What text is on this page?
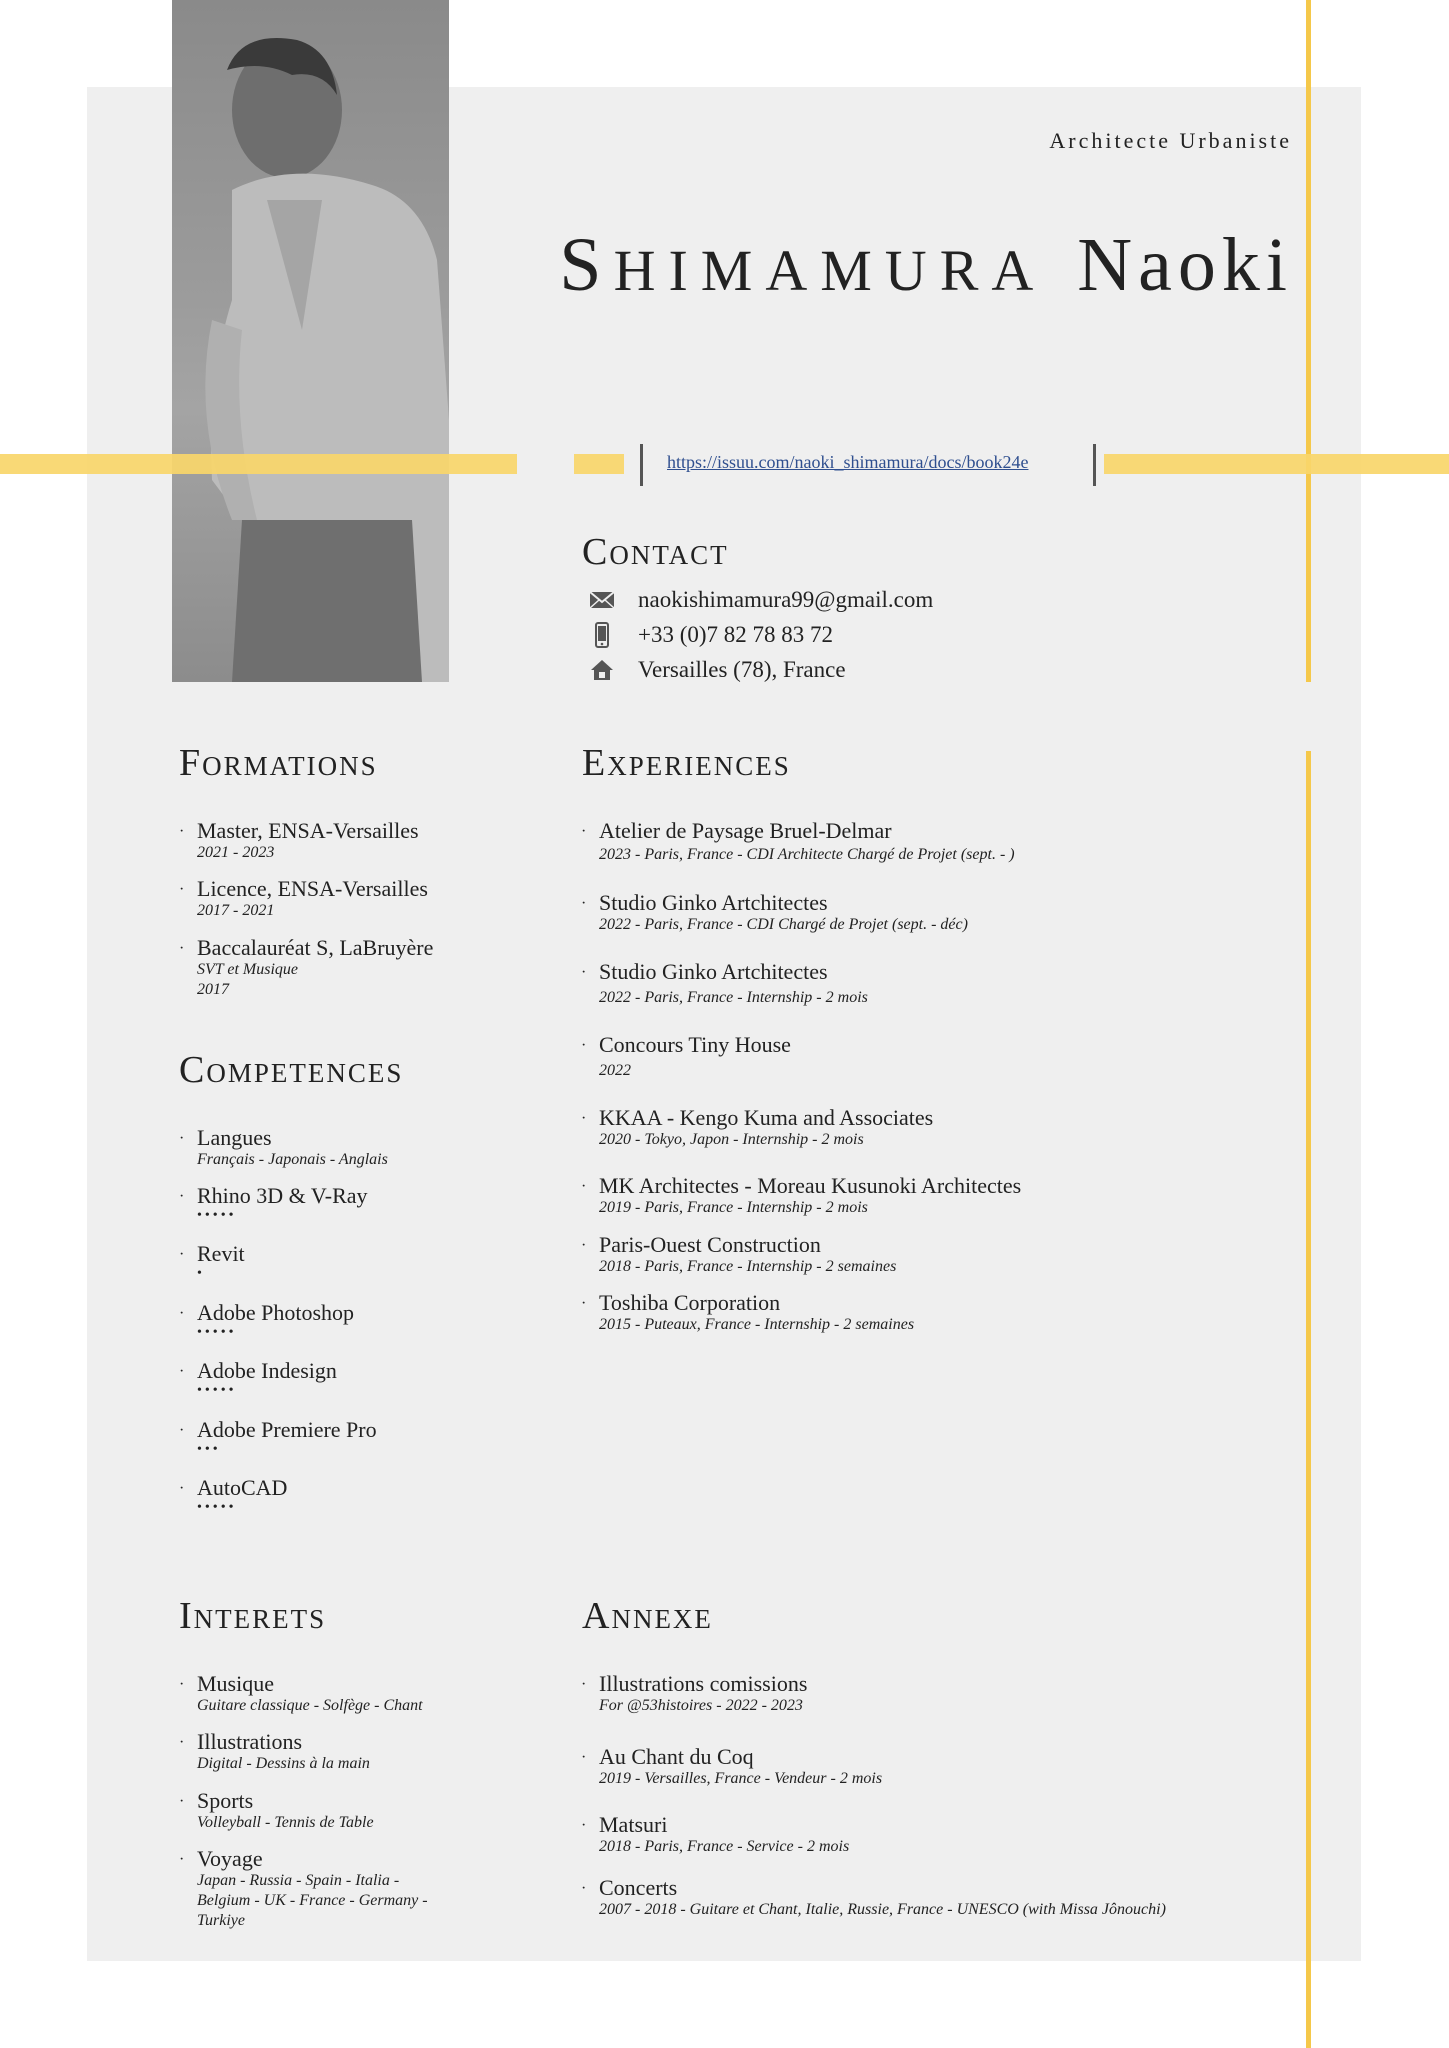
Architecte Urbaniste
SHIMAMURA Naoki
https://issuu.com/naoki_shimamura/docs/book24e
Contact
naokishimamura99@gmail.com
+33 (0)7 82 78 83 72
Versailles (78), France
Formations
· Master, ENSA-Versailles
2021 - 2023
· Licence, ENSA-Versailles
2017 - 2021
· Baccalauréat S, LaBruyère
SVT et Musique
2017
Competences
· Langues
Français - Japonais - Anglais
· Rhino 3D & V-Ray
•••••
· Revit
•
· Adobe Photoshop
•••••
· Adobe Indesign
•••••
· Adobe Premiere Pro
•••
· AutoCAD
•••••
Experiences
· Atelier de Paysage Bruel-Delmar
2023 - Paris, France - CDI Architecte Chargé de Projet (sept. - )
· Studio Ginko Artchitectes
2022 - Paris, France - CDI Chargé de Projet (sept. - déc)
· Studio Ginko Artchitectes
2022 - Paris, France - Internship - 2 mois
· Concours Tiny House
2022
· KKAA - Kengo Kuma and Associates
2020 - Tokyo, Japon - Internship - 2 mois
· MK Architectes - Moreau Kusunoki Architectes
2019 - Paris, France - Internship - 2 mois
· Paris-Ouest Construction
2018 - Paris, France - Internship - 2 semaines
· Toshiba Corporation
2015 - Puteaux, France - Internship - 2 semaines
Interets
· Musique
Guitare classique - Solfège - Chant
· Illustrations
Digital - Dessins à la main
· Sports
Volleyball - Tennis de Table
· Voyage
Japan - Russia - Spain - Italia -
Belgium - UK - France - Germany -
Turkiye
Annexe
· Illustrations comissions
For @53histoires - 2022 - 2023
· Au Chant du Coq
2019 - Versailles, France - Vendeur - 2 mois
· Matsuri
2018 - Paris, France - Service - 2 mois
· Concerts
2007 - 2018 - Guitare et Chant, Italie, Russie, France - UNESCO (with Missa Jônouchi)
